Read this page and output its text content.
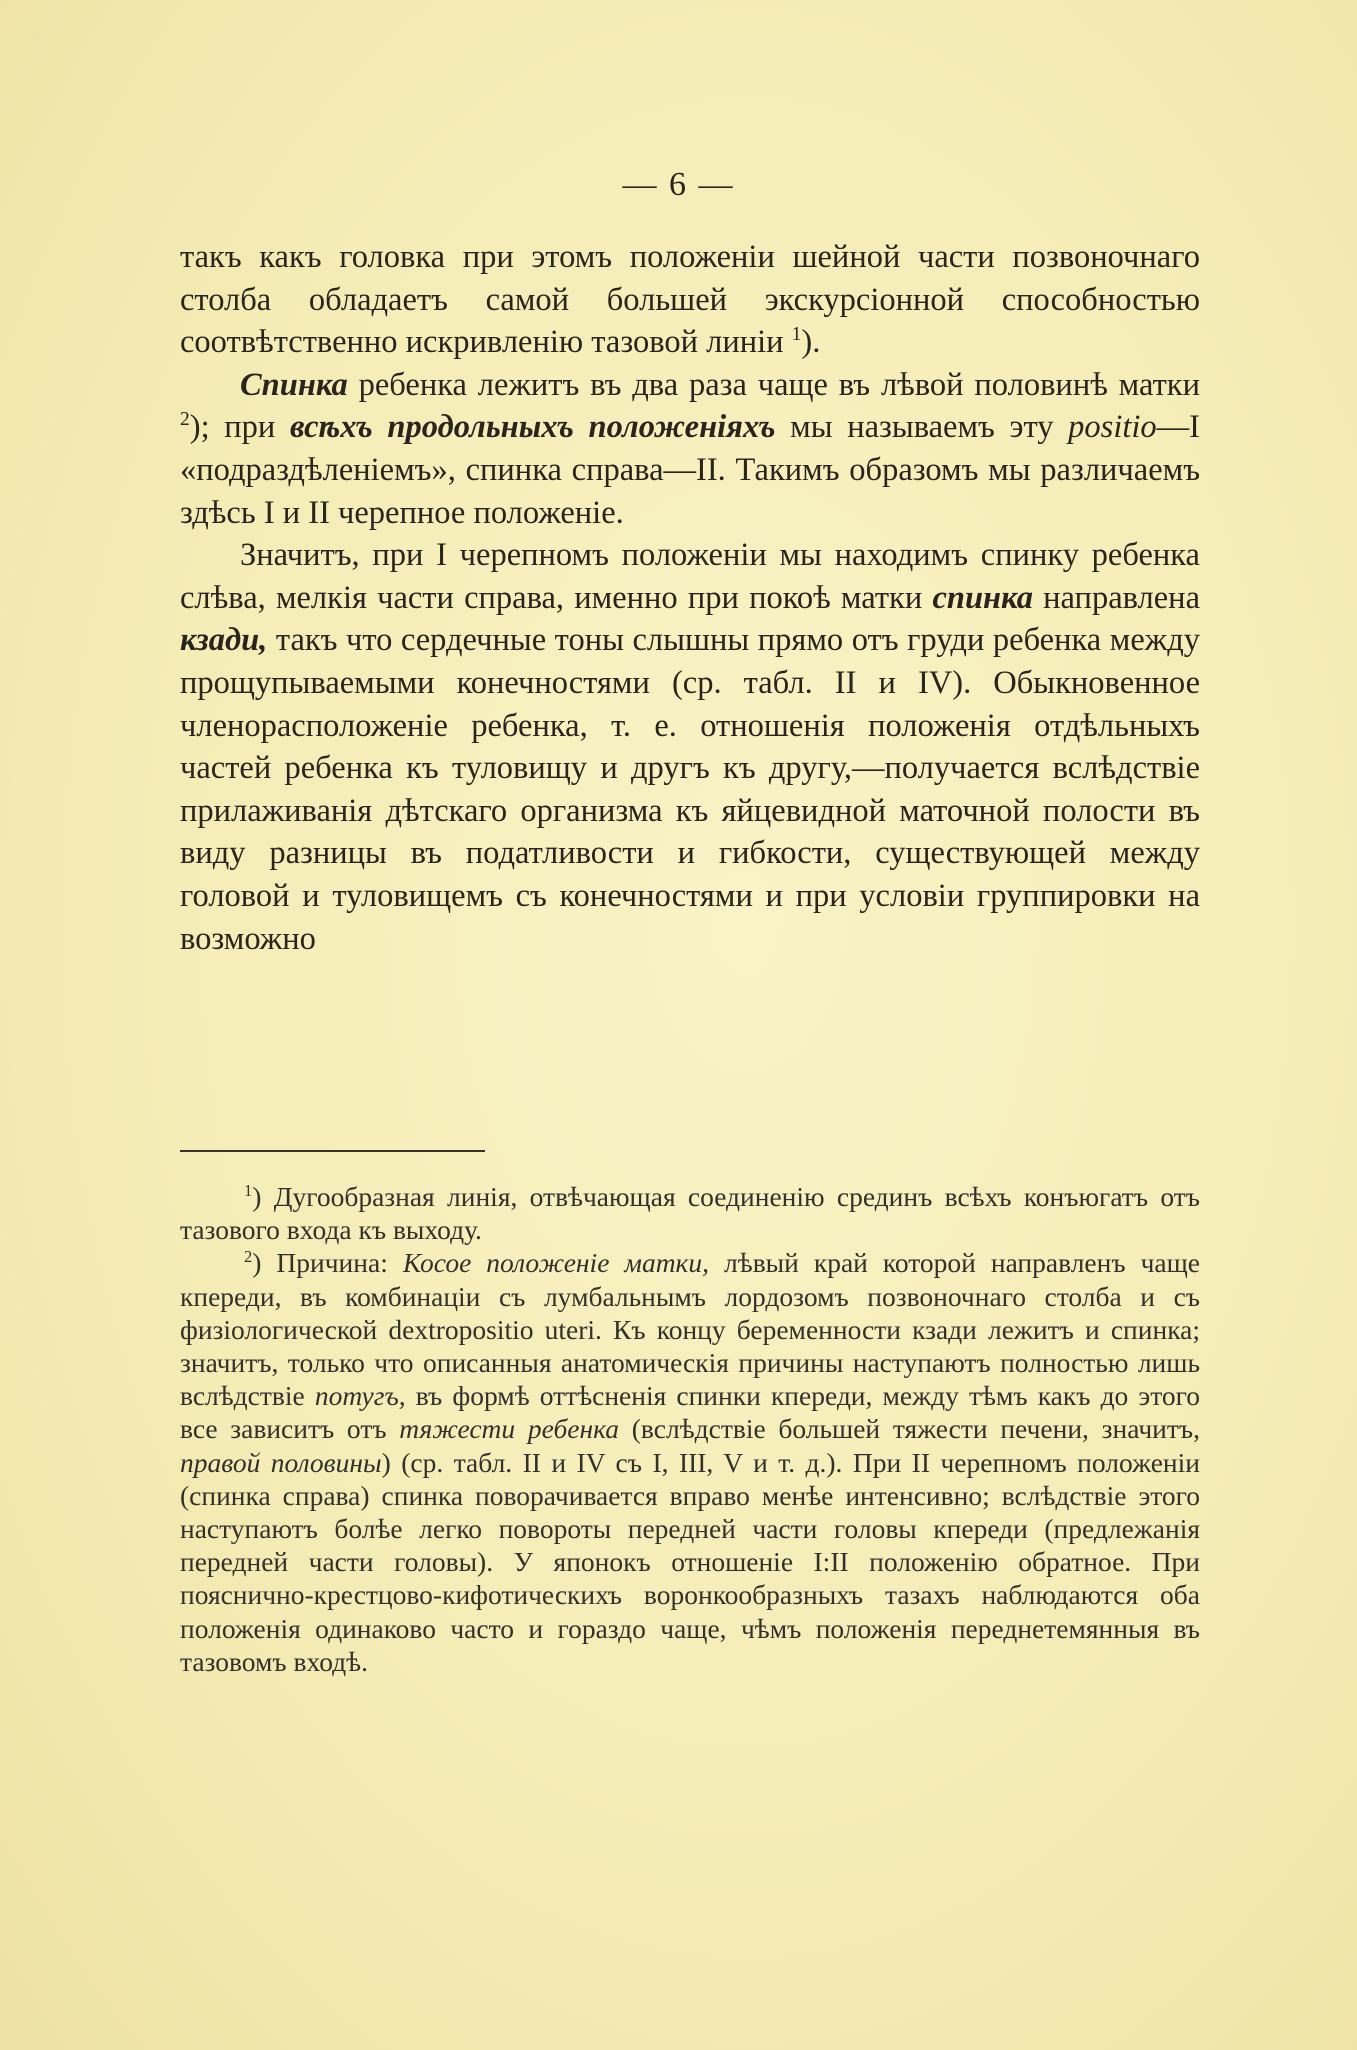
— 6 —

такъ какъ головка при этомъ положеніи шейной части позвоночнаго столба обладаетъ самой большей экскурсіонной способностью соотвѣтственно искривленію тазовой линіи $^1$).

Спинка ребенка лежитъ въ два раза чаще въ лѣвой половинѣ матки $^2$); при всѣхъ продольныхъ положеніяхъ мы называемъ эту positio—I «подраздѣленіемъ», спинка справа—II. Такимъ образомъ мы различаемъ здѣсь I и II черепное положеніе.

Значитъ, при I черепномъ положеніи мы находимъ спинку ребенка слѣва, мелкія части справа, именно при покоѣ матки спинка направлена кзади, такъ что сердечные тоны слышны прямо отъ груди ребенка между прощупываемыми конечностями (ср. табл. II и IV). Обыкновенное членорасположеніе ребенка, т. е. отношенія положенія отдѣльныхъ частей ребенка къ туловищу и другъ къ другу,—получается вслѣдствіе прилаживанія дѣтскаго организма къ яйцевидной маточной полости въ виду разницы въ податливости и гибкости, существующей между головой и туловищемъ съ конечностями и при условіи группировки на возможно

$^1$) Дугообразная линія, отвѣчающая соединенію срединъ всѣхъ конъюгатъ отъ тазового входа къ выходу.

$^2$) Причина: Косое положеніе матки, лѣвый край которой направленъ чаще кпереди, въ комбинаціи съ лумбальнымъ лордозомъ позвоночнаго столба и съ физіологической dextropositio uteri. Къ концу беременности кзади лежитъ и спинка; значитъ, только что описанныя анатомическія причины наступаютъ полностью лишь вслѣдствіе потугъ, въ формѣ оттѣсненія спинки кпереди, между тѣмъ какъ до этого все зависитъ отъ тяжести ребенка (вслѣдствіе большей тяжести печени, значитъ, правой половины) (ср. табл. II и IV съ I, III, V и т. д.). При II черепномъ положеніи (спинка справа) спинка поворачивается вправо менѣе интенсивно; вслѣдствіе этого наступаютъ болѣе легко повороты передней части головы кпереди (предлежанія передней части головы). У японокъ отношеніе I:II положенію обратное. При пояснично-крестцово-кифотическихъ воронкообразныхъ тазахъ наблюдаются оба положенія одинаково часто и гораздо чаще, чѣмъ положенія переднетемянныя въ тазовомъ входѣ.
